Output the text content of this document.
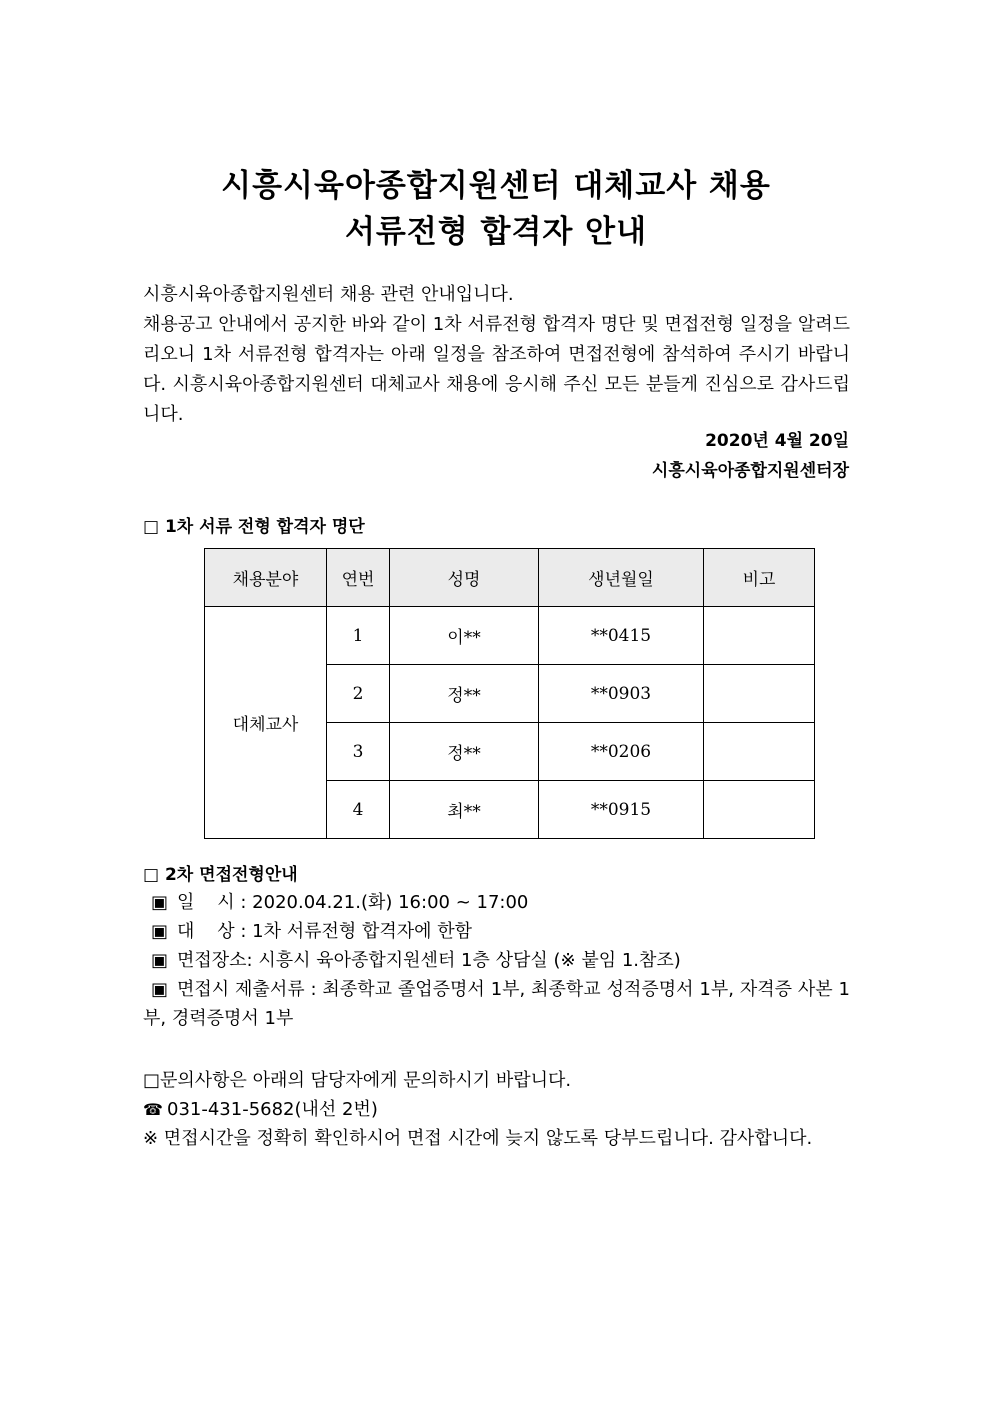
시흥시육아종합지원센터 대체교사 채용
서류전형 합격자 안내

시흥시육아종합지원센터 채용 관련 안내입니다.

채용공고 안내에서 공지한 바와 같이 1차 서류전형 합격자 명단 및 면접전형 일정을 알려드리오니 1차 서류전형 합격자는 아래 일정을 참조하여 면접전형에 참석하여 주시기 바랍니다. 시흥시육아종합지원센터 대체교사 채용에 응시해 주신 모든 분들게 진심으로 감사드립니다.

2020년 4월 20일
시흥시육아종합지원센터장
□ 1차 서류 전형 합격자 명단
채용분야	연번	성명	생년월일	비고
대체교사	1	이**	**0415	
	2	정**	**0903	
	3	정**	**0206	
	4	최**	**0915	
□ 2차 면접전형안내

▣ 일    시 : 2020.04.21.(화) 16:00 ~ 17:00

▣ 대    상 : 1차 서류전형 합격자에 한함

▣ 면접장소: 시흥시 육아종합지원센터 1층 상담실 (※ 붙임 1.참조)

▣ 면접시 제출서류 : 최종학교 졸업증명서 1부, 최종학교 성적증명서 1부, 자격증 사본 1부, 경력증명서 1부

□문의사항은 아래의 담당자에게 문의하시기 바랍니다.

☎ 031-431-5682(내선 2번)

※ 면접시간을 정확히 확인하시어 면접 시간에 늦지 않도록 당부드립니다. 감사합니다.
